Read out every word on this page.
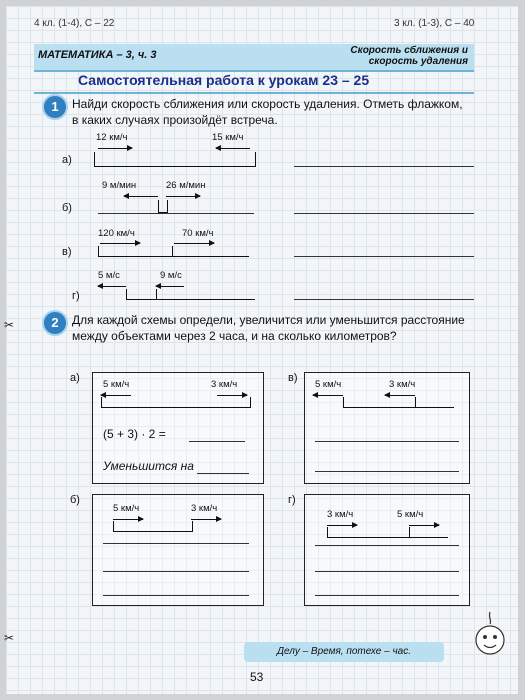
4 кл. (1-4), С – 22	3 кл. (1-3), С – 40
✂
✂
МАТЕМАТИКА – 3, ч. 3	Скорость сближения и
скорость удаления
Самостоятельная работа к урокам 23 – 25
1	Найди скорость сближения или скорость удаления. Отметь флажком, в каких случаях произойдёт встреча.
а)
12 км/ч	15 км/ч
б)
9 м/мин	26 м/мин
в)
120 км/ч	70 км/ч
г)
5 м/с	9 м/с
2	Для каждой схемы определи, увеличится или уменьшится расстояние между объектами через 2 часа, и на сколько километров?
а)
5 км/ч	3 км/ч
(5 + 3) · 2 =
Уменьшится на
в)
5 км/ч	3 км/ч
б)
5 км/ч	3 км/ч
г)
3 км/ч	5 км/ч
Делу – Время, потехе – час.
53
